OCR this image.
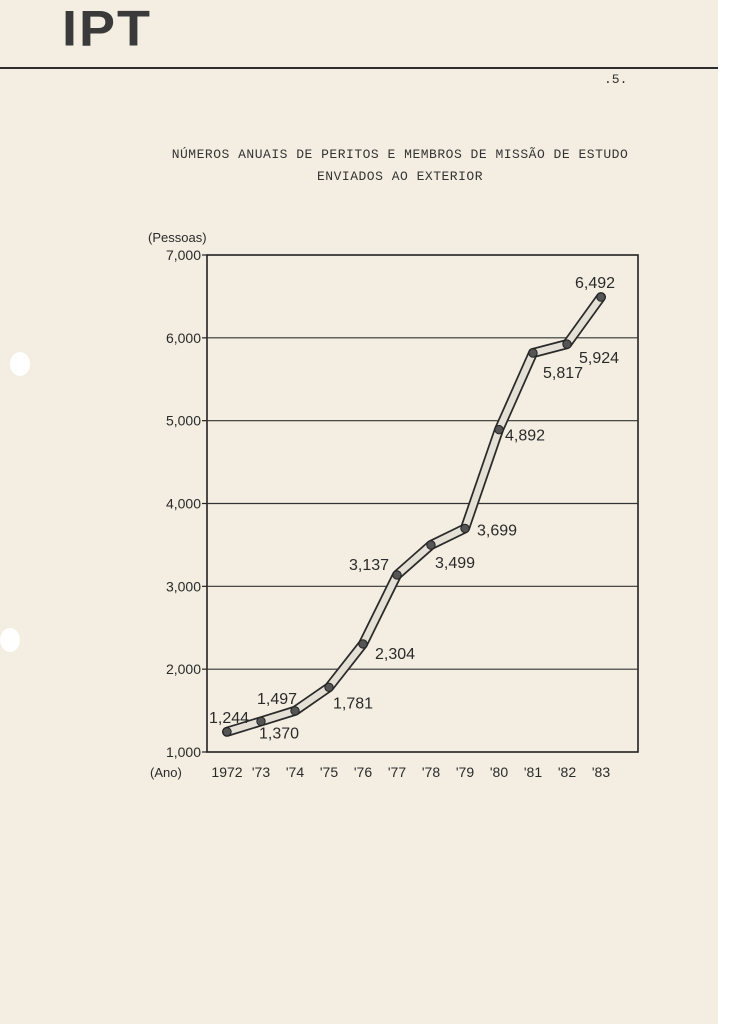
IPT
.5.
NÚMEROS ANUAIS DE PERITOS E MEMBROS DE MISSÃO DE ESTUDO
ENVIADOS AO EXTERIOR
1,000
2,000
3,000
4,000
5,000
6,000
7,000
(Pessoas)
(Ano) 1972 '73 '74 '75 '76 '77 '78 '79 '80 '81 '82 '83
1,244
1,370
1,497 1,781
2,304
3,137	3,499
3,699
4,892
5,817
5,924
6,492
